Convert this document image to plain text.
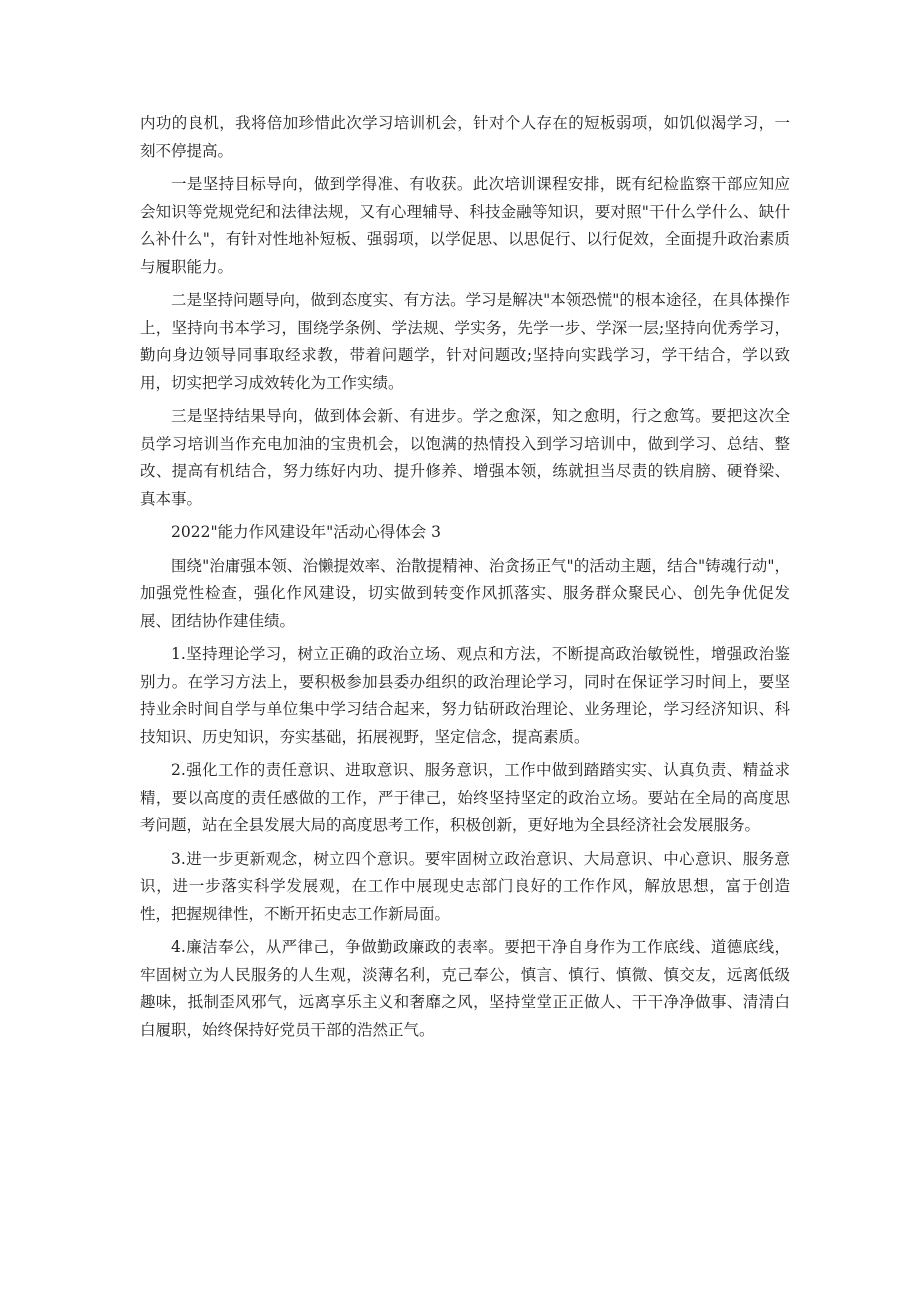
内功的良机，我将倍加珍惜此次学习培训机会，针对个人存在的短板弱项，如饥似渴学习，一刻不停提高。

一是坚持目标导向，做到学得准、有收获。此次培训课程安排，既有纪检监察干部应知应会知识等党规党纪和法律法规，又有心理辅导、科技金融等知识，要对照"干什么学什么、缺什么补什么"，有针对性地补短板、强弱项，以学促思、以思促行、以行促效，全面提升政治素质与履职能力。

二是坚持问题导向，做到态度实、有方法。学习是解决"本领恐慌"的根本途径，在具体操作上，坚持向书本学习，围绕学条例、学法规、学实务，先学一步、学深一层;坚持向优秀学习，勤向身边领导同事取经求教，带着问题学，针对问题改;坚持向实践学习，学干结合，学以致用，切实把学习成效转化为工作实绩。

三是坚持结果导向，做到体会新、有进步。学之愈深，知之愈明，行之愈笃。要把这次全员学习培训当作充电加油的宝贵机会，以饱满的热情投入到学习培训中，做到学习、总结、整改、提高有机结合，努力练好内功、提升修养、增强本领，练就担当尽责的铁肩膀、硬脊梁、真本事。

2022"能力作风建设年"活动心得体会 3

围绕"治庸强本领、治懒提效率、治散提精神、治贪扬正气"的活动主题，结合"铸魂行动"，加强党性检查，强化作风建设，切实做到转变作风抓落实、服务群众聚民心、创先争优促发展、团结协作建佳绩。

1.坚持理论学习，树立正确的政治立场、观点和方法，不断提高政治敏锐性，增强政治鉴别力。在学习方法上，要积极参加县委办组织的政治理论学习，同时在保证学习时间上，要坚持业余时间自学与单位集中学习结合起来，努力钻研政治理论、业务理论，学习经济知识、科技知识、历史知识，夯实基础，拓展视野，坚定信念，提高素质。

2.强化工作的责任意识、进取意识、服务意识，工作中做到踏踏实实、认真负责、精益求精，要以高度的责任感做的工作，严于律己，始终坚持坚定的政治立场。要站在全局的高度思考问题，站在全县发展大局的高度思考工作，积极创新，更好地为全县经济社会发展服务。

3.进一步更新观念，树立四个意识。要牢固树立政治意识、大局意识、中心意识、服务意识，进一步落实科学发展观，在工作中展现史志部门良好的工作作风，解放思想，富于创造性，把握规律性，不断开拓史志工作新局面。

4.廉洁奉公，从严律己，争做勤政廉政的表率。要把干净自身作为工作底线、道德底线，牢固树立为人民服务的人生观，淡薄名利，克己奉公，慎言、慎行、慎微、慎交友，远离低级趣味，抵制歪风邪气，远离享乐主义和奢靡之风，坚持堂堂正正做人、干干净净做事、清清白白履职，始终保持好党员干部的浩然正气。
